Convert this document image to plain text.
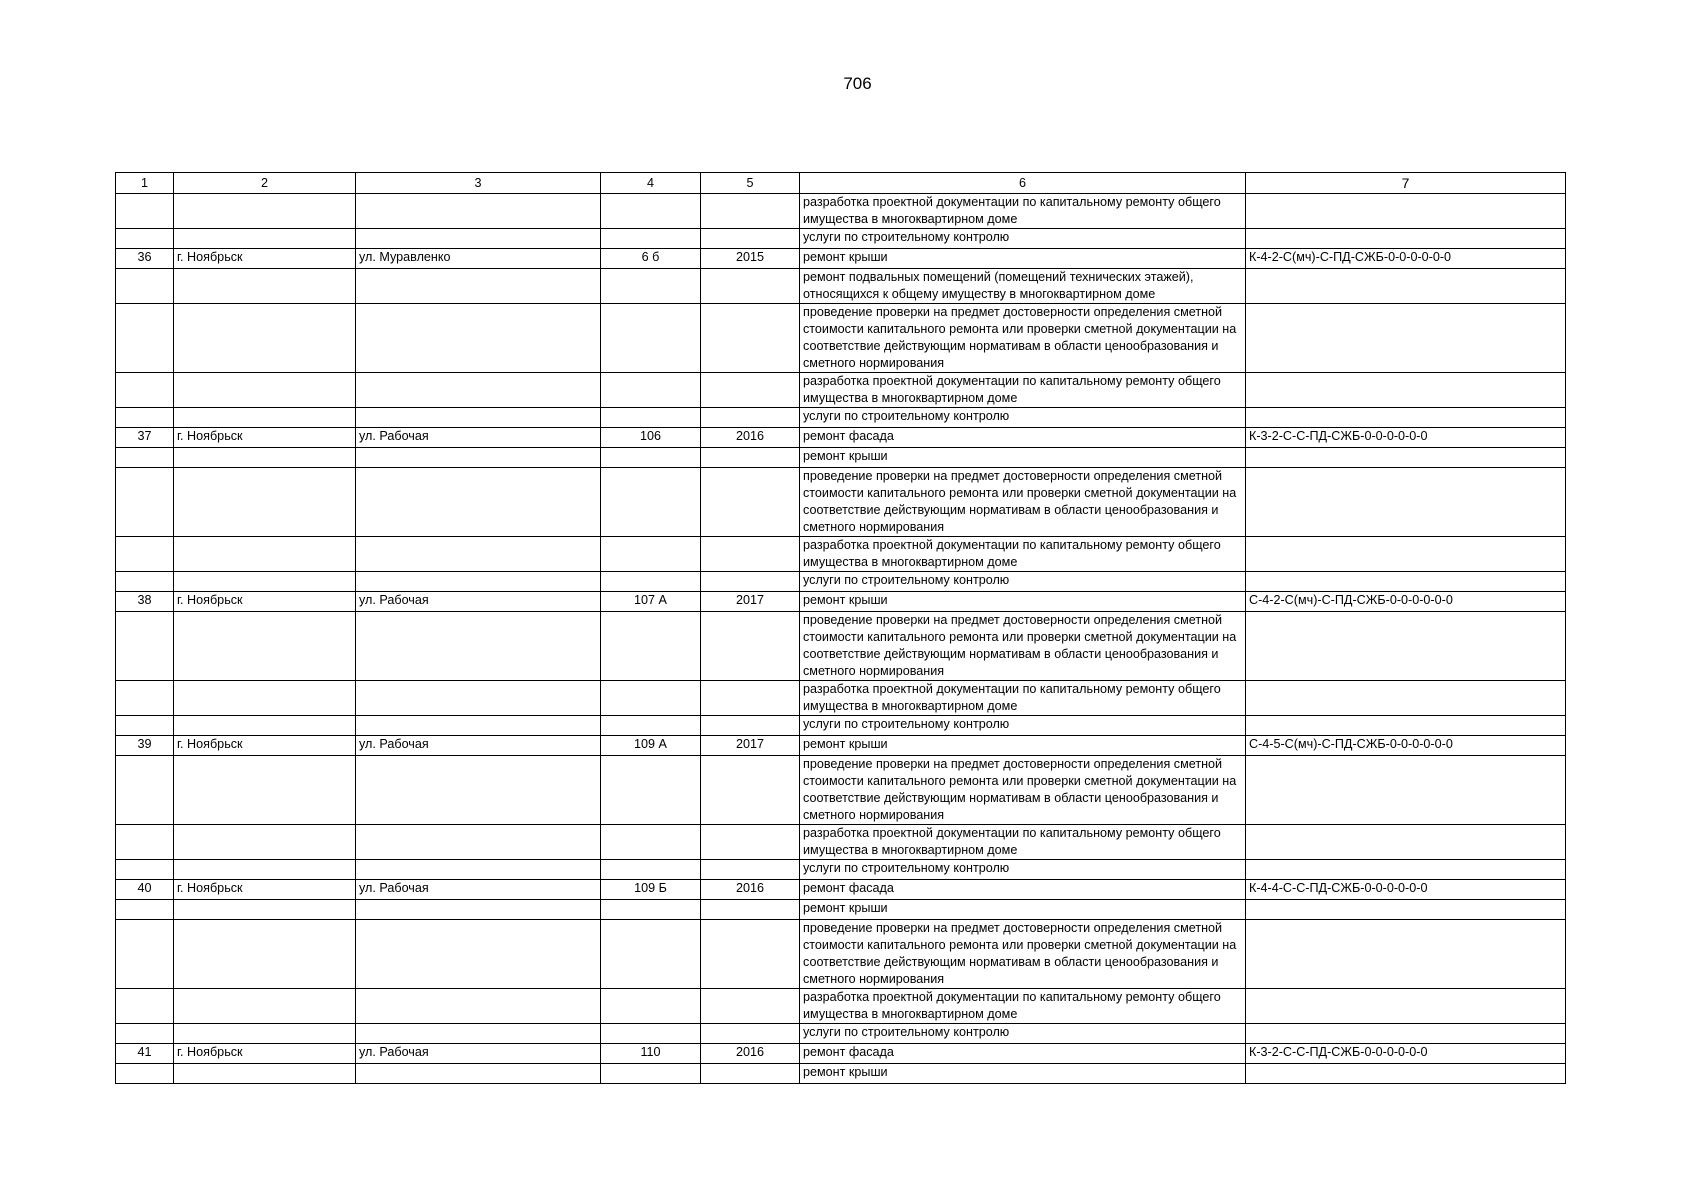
706
1	2	3	4	5	6	7
					разработка проектной документации по капитальному ремонту общего имущества в многоквартирном доме	
					услуги по строительному контролю	
36	г. Ноябрьск	ул. Муравленко	6 б	2015	ремонт крыши	К-4-2-С(мч)-С-ПД-СЖБ-0-0-0-0-0-0
					ремонт подвальных помещений (помещений технических этажей), относящихся к общему имуществу в многоквартирном доме	
					проведение проверки на предмет достоверности определения сметной стоимости капитального ремонта или проверки сметной документации на соответствие действующим нормативам в области ценообразования и сметного нормирования	
					разработка проектной документации по капитальному ремонту общего имущества в многоквартирном доме	
					услуги по строительному контролю	
37	г. Ноябрьск	ул. Рабочая	106	2016	ремонт фасада	К-3-2-С-С-ПД-СЖБ-0-0-0-0-0-0
					ремонт крыши	
					проведение проверки на предмет достоверности определения сметной стоимости капитального ремонта или проверки сметной документации на соответствие действующим нормативам в области ценообразования и сметного нормирования	
					разработка проектной документации по капитальному ремонту общего имущества в многоквартирном доме	
					услуги по строительному контролю	
38	г. Ноябрьск	ул. Рабочая	107 А	2017	ремонт крыши	С-4-2-С(мч)-С-ПД-СЖБ-0-0-0-0-0-0
					проведение проверки на предмет достоверности определения сметной стоимости капитального ремонта или проверки сметной документации на соответствие действующим нормативам в области ценообразования и сметного нормирования	
					разработка проектной документации по капитальному ремонту общего имущества в многоквартирном доме	
					услуги по строительному контролю	
39	г. Ноябрьск	ул. Рабочая	109 А	2017	ремонт крыши	С-4-5-С(мч)-С-ПД-СЖБ-0-0-0-0-0-0
					проведение проверки на предмет достоверности определения сметной стоимости капитального ремонта или проверки сметной документации на соответствие действующим нормативам в области ценообразования и сметного нормирования	
					разработка проектной документации по капитальному ремонту общего имущества в многоквартирном доме	
					услуги по строительному контролю	
40	г. Ноябрьск	ул. Рабочая	109 Б	2016	ремонт фасада	К-4-4-С-С-ПД-СЖБ-0-0-0-0-0-0
					ремонт крыши	
					проведение проверки на предмет достоверности определения сметной стоимости капитального ремонта или проверки сметной документации на соответствие действующим нормативам в области ценообразования и сметного нормирования	
					разработка проектной документации по капитальному ремонту общего имущества в многоквартирном доме	
					услуги по строительному контролю	
41	г. Ноябрьск	ул. Рабочая	110	2016	ремонт фасада	К-3-2-С-С-ПД-СЖБ-0-0-0-0-0-0
					ремонт крыши	
